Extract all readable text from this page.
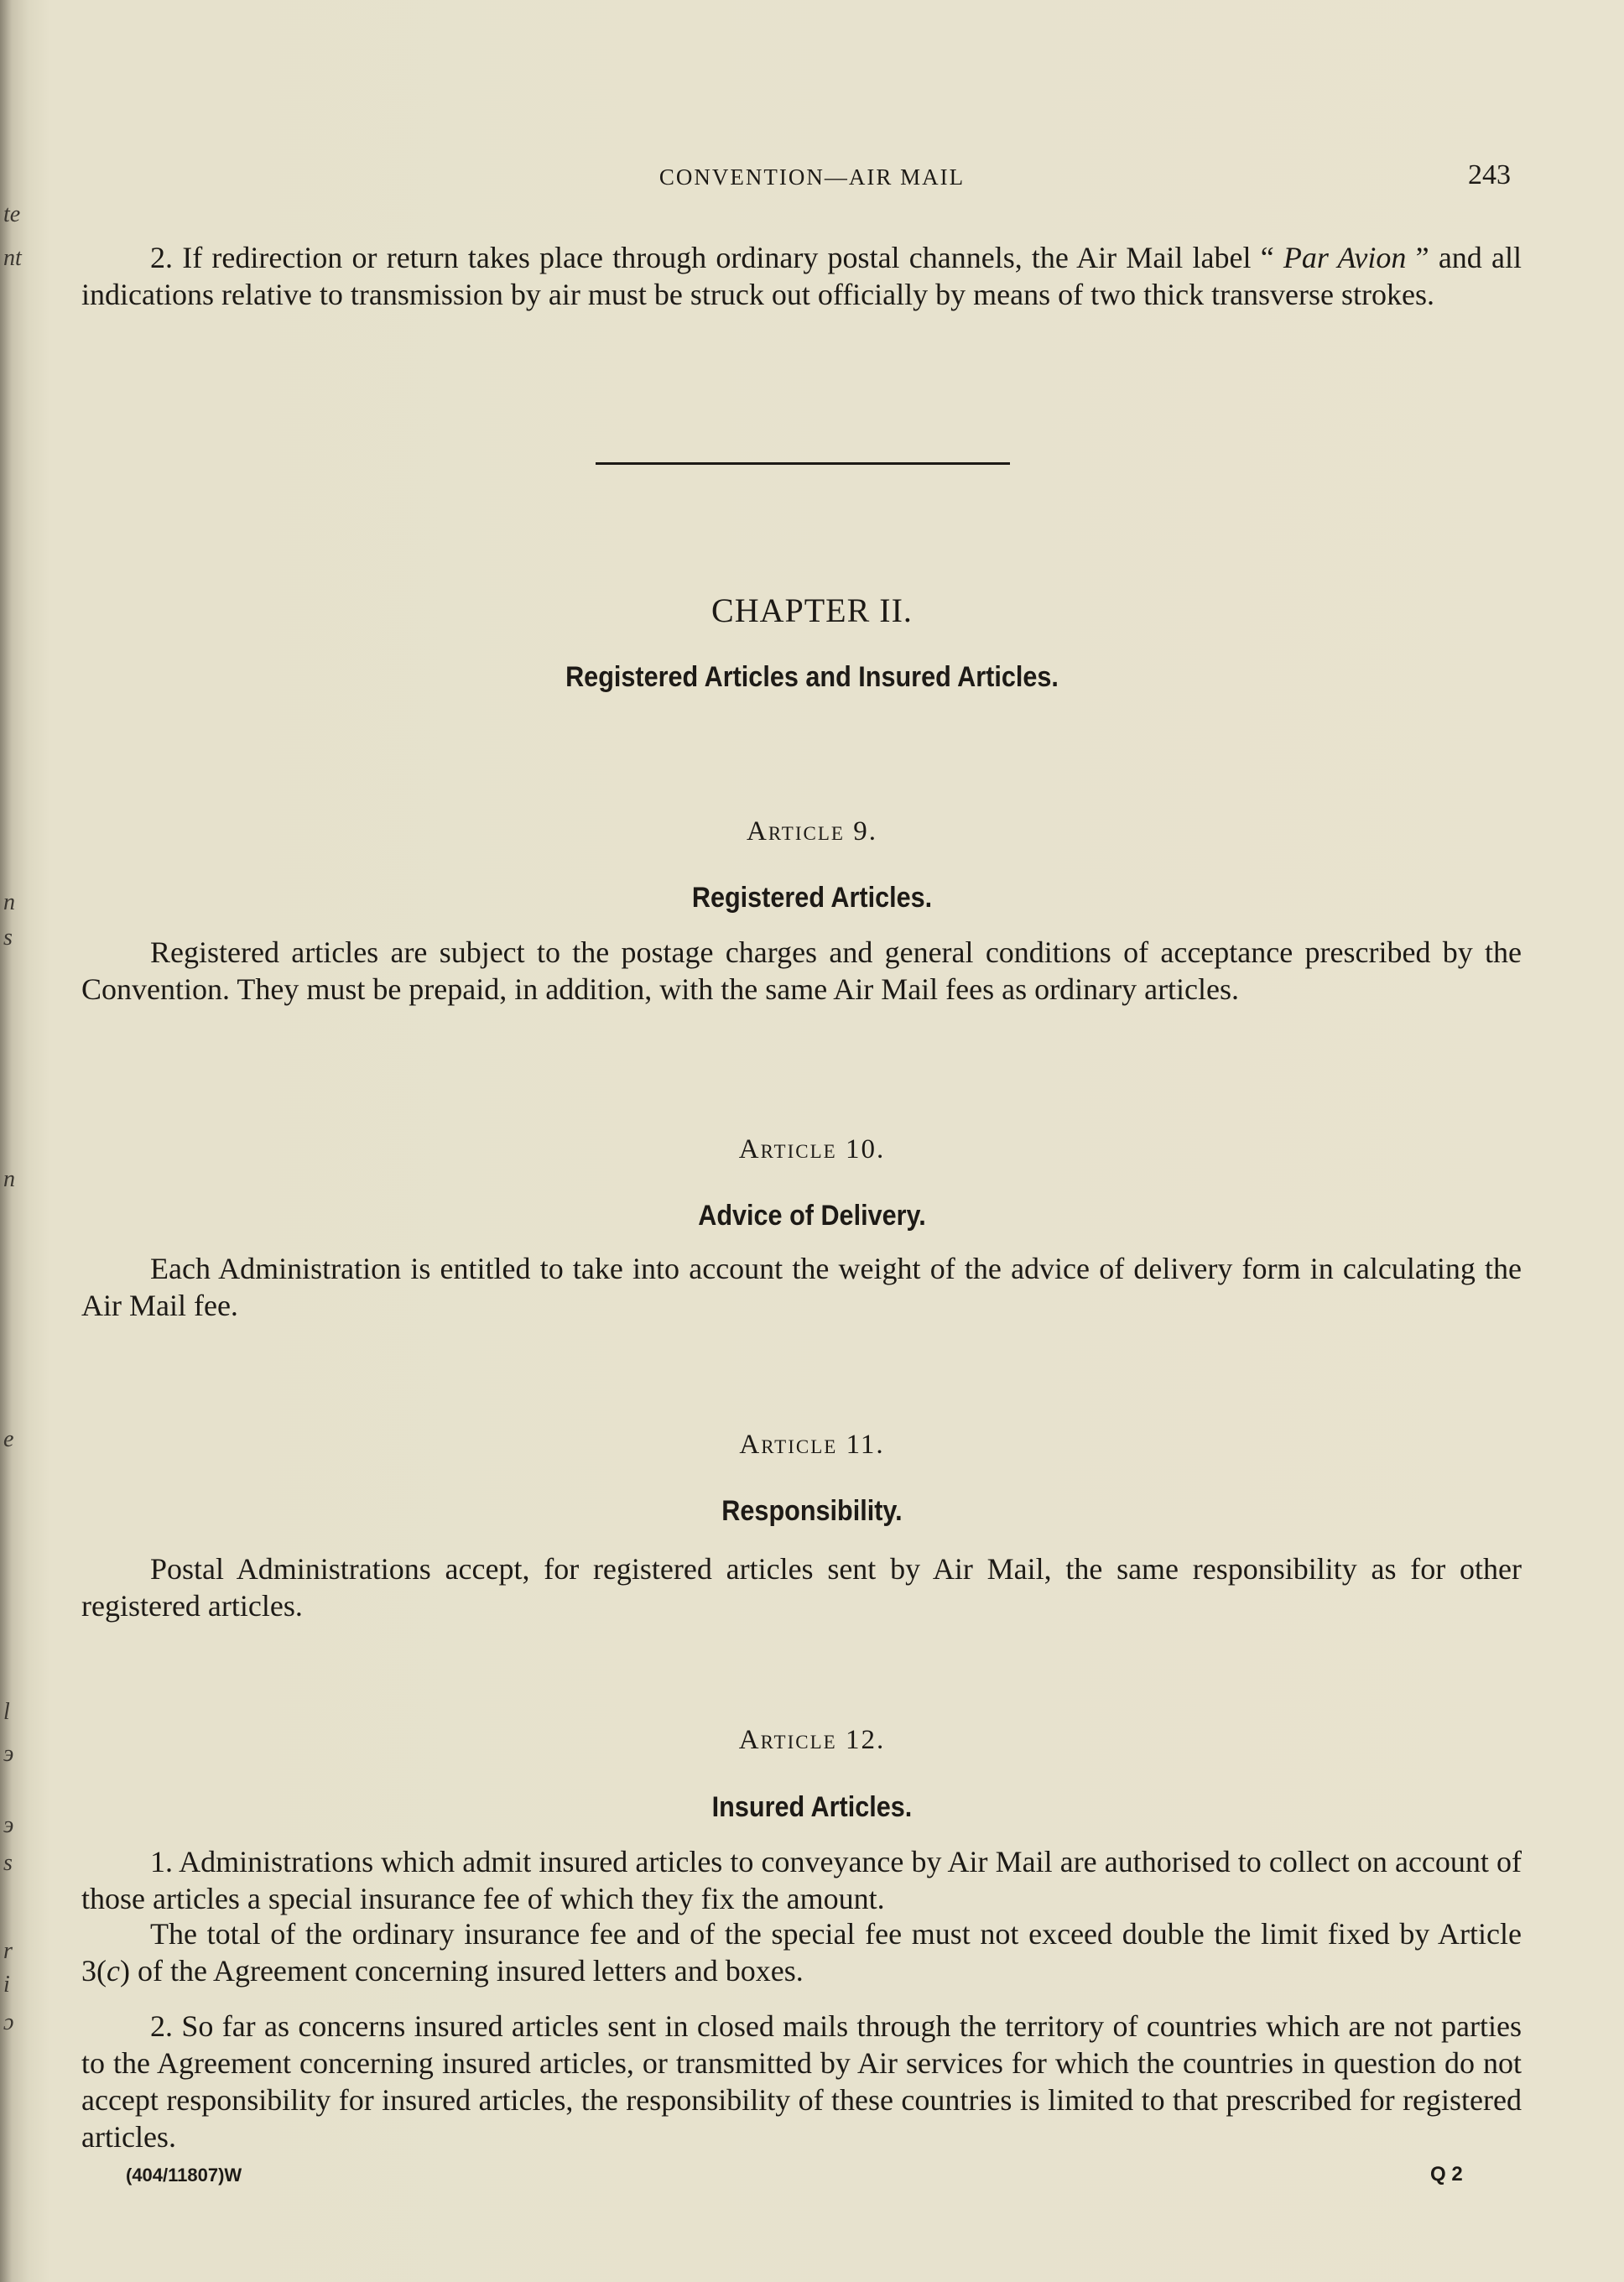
te
nt
n
s
n
e
l
э
э
s
r
i
ɔ
CONVENTION—AIR MAIL	243
2. If redirection or return takes place through ordinary postal channels, the Air Mail label “ Par Avion ” and all indications relative to transmission by air must be struck out officially by means of two thick transverse strokes.
CHAPTER II.
Registered Articles and Insured Articles.
Article 9.
Registered Articles.
Registered articles are subject to the postage charges and general conditions of acceptance prescribed by the Convention. They must be prepaid, in addition, with the same Air Mail fees as ordinary articles.
Article 10.
Advice of Delivery.
Each Administration is entitled to take into account the weight of the advice of delivery form in calculating the Air Mail fee.
Article 11.
Responsibility.
Postal Administrations accept, for registered articles sent by Air Mail, the same responsibility as for other registered articles.
Article 12.
Insured Articles.
1. Administrations which admit insured articles to conveyance by Air Mail are authorised to collect on account of those articles a special insurance fee of which they fix the amount.
The total of the ordinary insurance fee and of the special fee must not exceed double the limit fixed by Article 3(c) of the Agreement concerning insured letters and boxes.
2. So far as concerns insured articles sent in closed mails through the territory of countries which are not parties to the Agreement concerning insured articles, or transmitted by Air services for which the countries in question do not accept responsibility for insured articles, the responsibility of these countries is limited to that prescribed for registered articles.
(404/11807)W	Q 2
